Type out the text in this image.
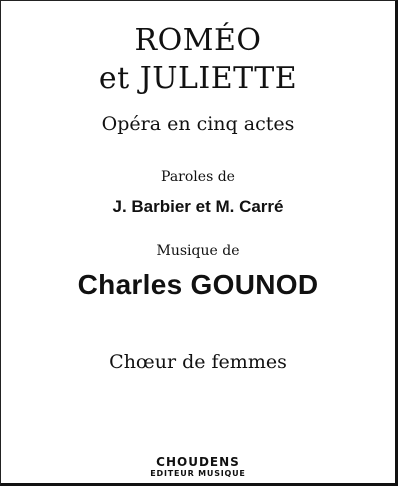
ROMÉO
et JULIETTE
Opéra en cinq actes
Paroles de
J. Barbier et M. Carré
Musique de
Charles GOUNOD
Chœur de femmes
CHOUDENS
EDITEUR MUSIQUE
